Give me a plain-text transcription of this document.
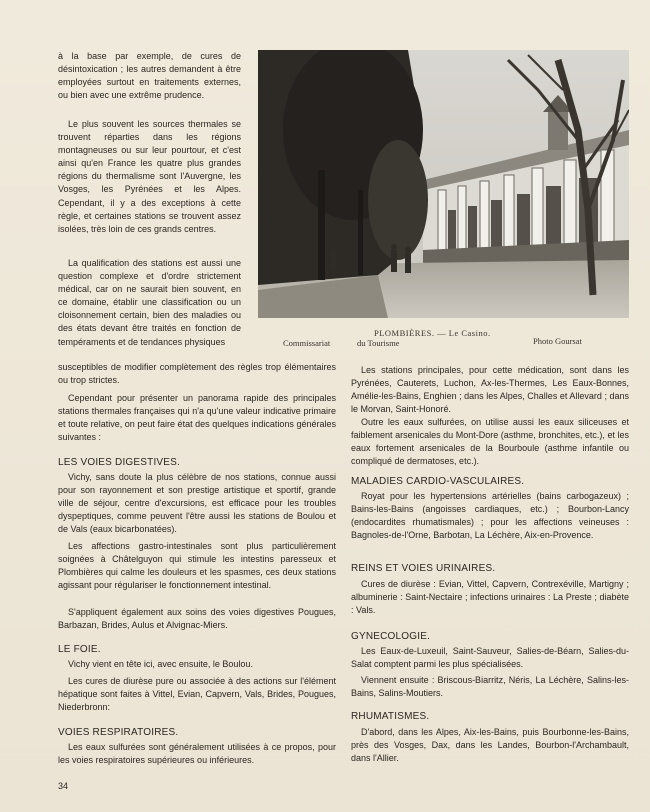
à la base par exemple, de cures de désintoxication ; les autres demandent à être employées surtout en traitements externes, ou bien avec une extrême prudence.

Le plus souvent les sources thermales se trouvent réparties dans les régions montagneuses ou sur leur pourtour, et c'est ainsi qu'en France les quatre plus grandes régions du thermalisme sont l'Auvergne, les Vosges, les Pyrénées et les Alpes. Cependant, il y a des exceptions à cette règle, et certaines stations se trouvent assez isolées, très loin de ces grands centres.

La qualification des stations est aussi une question complexe et d'ordre strictement médical, car on ne saurait bien souvent, en ce domaine, établir une classification ou un cloisonnement certain, bien des maladies ou des états devant être traités en fonction de tempéraments et de tendances physiques

susceptibles de modifier complètement des règles trop élémentaires ou trop strictes.

PLOMBIÈRES. — Le Casino.
Commissariat	du Tourisme	Photo Goursat

Cependant pour présenter un panorama rapide des principales stations thermales françaises qui n'a qu'une valeur indicative primaire et toute relative, on peut faire état des quelques indications générales suivantes :

LES VOIES DIGESTIVES.

Vichy, sans doute la plus célèbre de nos stations, connue aussi pour son rayonnement et son prestige artistique et sportif, grande ville de séjour, centre d'excursions, est efficace pour les troubles dyspeptiques, comme peuvent l'être aussi les stations de Boulou et de Vals (eaux bicarbonatées).

Les affections gastro-intestinales sont plus particulièrement soignées à Châtelguyon qui stimule les intestins paresseux et Plombières qui calme les douleurs et les spasmes, ces deux stations agissant pour régulariser le fonctionnement intestinal.

S'appliquent également aux soins des voies digestives Pougues, Barbazan, Brides, Aulus et Alvignac-Miers.

LE FOIE.

Vichy vient en tête ici, avec ensuite, le Boulou.

Les cures de diurèse pure ou associée à des actions sur l'élément hépatique sont faites à Vittel, Evian, Capvern, Vals, Brides, Pougues, Niederbronn:

VOIES RESPIRATOIRES.

Les eaux sulfurées sont généralement utilisées à ce propos, pour les voies respiratoires supérieures ou inférieures.

Les stations principales, pour cette médication, sont dans les Pyrénées, Cauterets, Luchon, Ax-les-Thermes, Les Eaux-Bonnes, Amélie-les-Bains, Enghien ; dans les Alpes, Challes et Allevard ; dans le Morvan, Saint-Honoré.

Outre les eaux sulfurées, on utilise aussi les eaux siliceuses et faiblement arsenicales du Mont-Dore (asthme, bronchites, etc.), et les eaux fortement arsenicales de la Bourboule (asthme infantile ou compliqué de dermatoses, etc.).

MALADIES CARDIO-VASCULAIRES.

Royat pour les hypertensions artérielles (bains carbogazeux) ; Bains-les-Bains (angoisses cardiaques, etc.) ; Bourbon-Lancy (endocardites rhumatismales) ; pour les affections veineuses : Bagnoles-de-l'Orne, Barbotan, La Léchère, Aix-en-Provence.

REINS ET VOIES URINAIRES.

Cures de diurèse : Evian, Vittel, Capvern, Contrexéville, Martigny ; albuminerie : Saint-Nectaire ; infections urinaires : La Preste ; diabète : Vals.

GYNECOLOGIE.

Les Eaux-de-Luxeuil, Saint-Sauveur, Salies-de-Béarn, Salies-du-Salat comptent parmi les plus spécialisées.

Viennent ensuite : Briscous-Biarritz, Néris, La Léchère, Salins-les-Bains, Salins-Moutiers.

RHUMATISMES.

D'abord, dans les Alpes, Aix-les-Bains, puis Bourbonne-les-Bains, près des Vosges, Dax, dans les Landes, Bourbon-l'Archambault, dans l'Allier.

34
